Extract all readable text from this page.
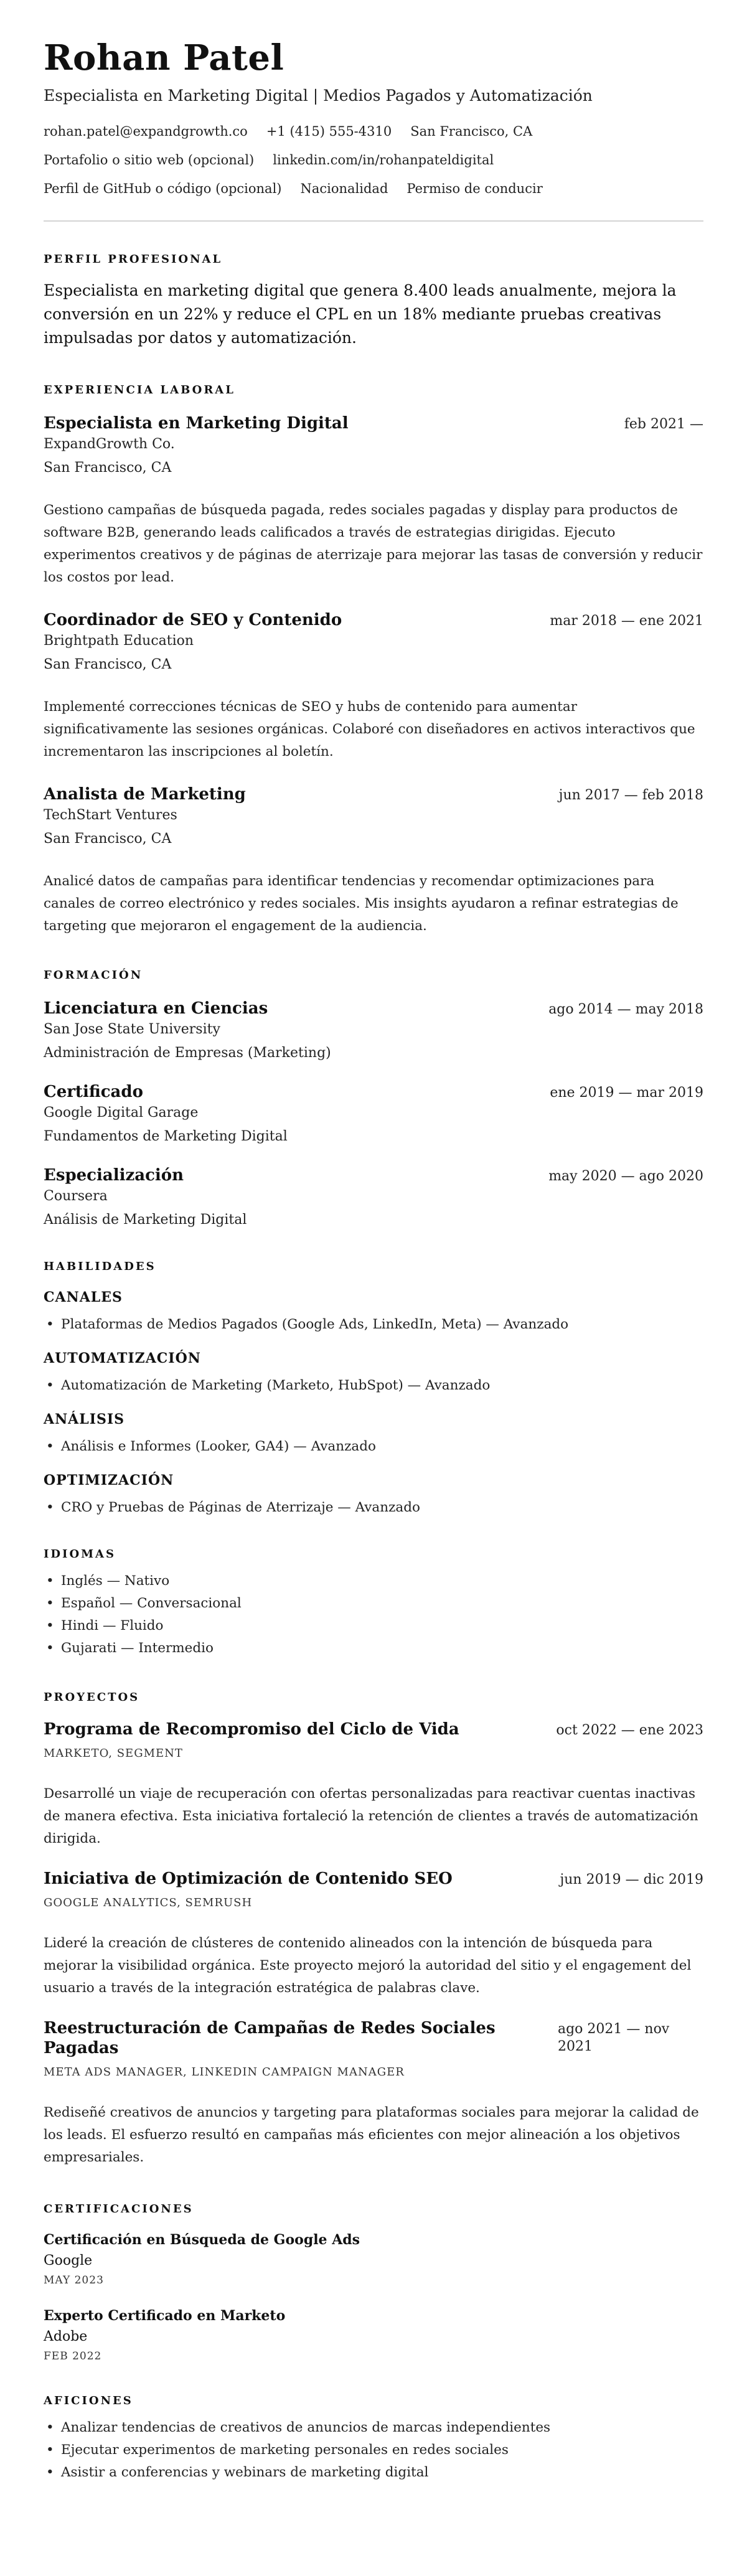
Rohan Patel
Especialista en Marketing Digital | Medios Pagados y Automatización
rohan.patel@expandgrowth.co +1 (415) 555-4310 San Francisco, CA
Portafolio o sitio web (opcional) linkedin.com/in/rohanpateldigital
Perfil de GitHub o código (opcional) Nacionalidad Permiso de conducir
PERFIL PROFESIONAL
Especialista en marketing digital que genera 8.400 leads anualmente, mejora la conversión en un 22% y reduce el CPL en un 18% mediante pruebas creativas impulsadas por datos y automatización.
EXPERIENCIA LABORAL
Especialista en Marketing Digital	feb 2021 —
ExpandGrowth Co.
San Francisco, CA
Gestiono campañas de búsqueda pagada, redes sociales pagadas y display para productos de software B2B, generando leads calificados a través de estrategias dirigidas. Ejecuto experimentos creativos y de páginas de aterrizaje para mejorar las tasas de conversión y reducir los costos por lead.
Coordinador de SEO y Contenido	mar 2018 — ene 2021
Brightpath Education
San Francisco, CA
Implementé correcciones técnicas de SEO y hubs de contenido para aumentar significativamente las sesiones orgánicas. Colaboré con diseñadores en activos interactivos que incrementaron las inscripciones al boletín.
Analista de Marketing	jun 2017 — feb 2018
TechStart Ventures
San Francisco, CA
Analicé datos de campañas para identificar tendencias y recomendar optimizaciones para canales de correo electrónico y redes sociales. Mis insights ayudaron a refinar estrategias de targeting que mejoraron el engagement de la audiencia.
FORMACIÓN
Licenciatura en Ciencias	ago 2014 — may 2018
San Jose State University
Administración de Empresas (Marketing)
Certificado	ene 2019 — mar 2019
Google Digital Garage
Fundamentos de Marketing Digital
Especialización	may 2020 — ago 2020
Coursera
Análisis de Marketing Digital
HABILIDADES
CANALES
• Plataformas de Medios Pagados (Google Ads, LinkedIn, Meta) — Avanzado
AUTOMATIZACIÓN
• Automatización de Marketing (Marketo, HubSpot) — Avanzado
ANÁLISIS
• Análisis e Informes (Looker, GA4) — Avanzado
OPTIMIZACIÓN
• CRO y Pruebas de Páginas de Aterrizaje — Avanzado
IDIOMAS
• Inglés — Nativo
• Español — Conversacional
• Hindi — Fluido
• Gujarati — Intermedio
PROYECTOS
Programa de Recompromiso del Ciclo de Vida	oct 2022 — ene 2023
MARKETO, SEGMENT
Desarrollé un viaje de recuperación con ofertas personalizadas para reactivar cuentas inactivas de manera efectiva. Esta iniciativa fortaleció la retención de clientes a través de automatización dirigida.
Iniciativa de Optimización de Contenido SEO	jun 2019 — dic 2019
GOOGLE ANALYTICS, SEMRUSH
Lideré la creación de clústeres de contenido alineados con la intención de búsqueda para mejorar la visibilidad orgánica. Este proyecto mejoró la autoridad del sitio y el engagement del usuario a través de la integración estratégica de palabras clave.
Reestructuración de Campañas de Redes Sociales Pagadas
ago 2021 — nov 2021
META ADS MANAGER, LINKEDIN CAMPAIGN MANAGER
Rediseñé creativos de anuncios y targeting para plataformas sociales para mejorar la calidad de los leads. El esfuerzo resultó en campañas más eficientes con mejor alineación a los objetivos empresariales.
CERTIFICACIONES
Certificación en Búsqueda de Google Ads
Google
MAY 2023
Experto Certificado en Marketo
Adobe
FEB 2022
AFICIONES
• Analizar tendencias de creativos de anuncios de marcas independientes
• Ejecutar experimentos de marketing personales en redes sociales
• Asistir a conferencias y webinars de marketing digital
